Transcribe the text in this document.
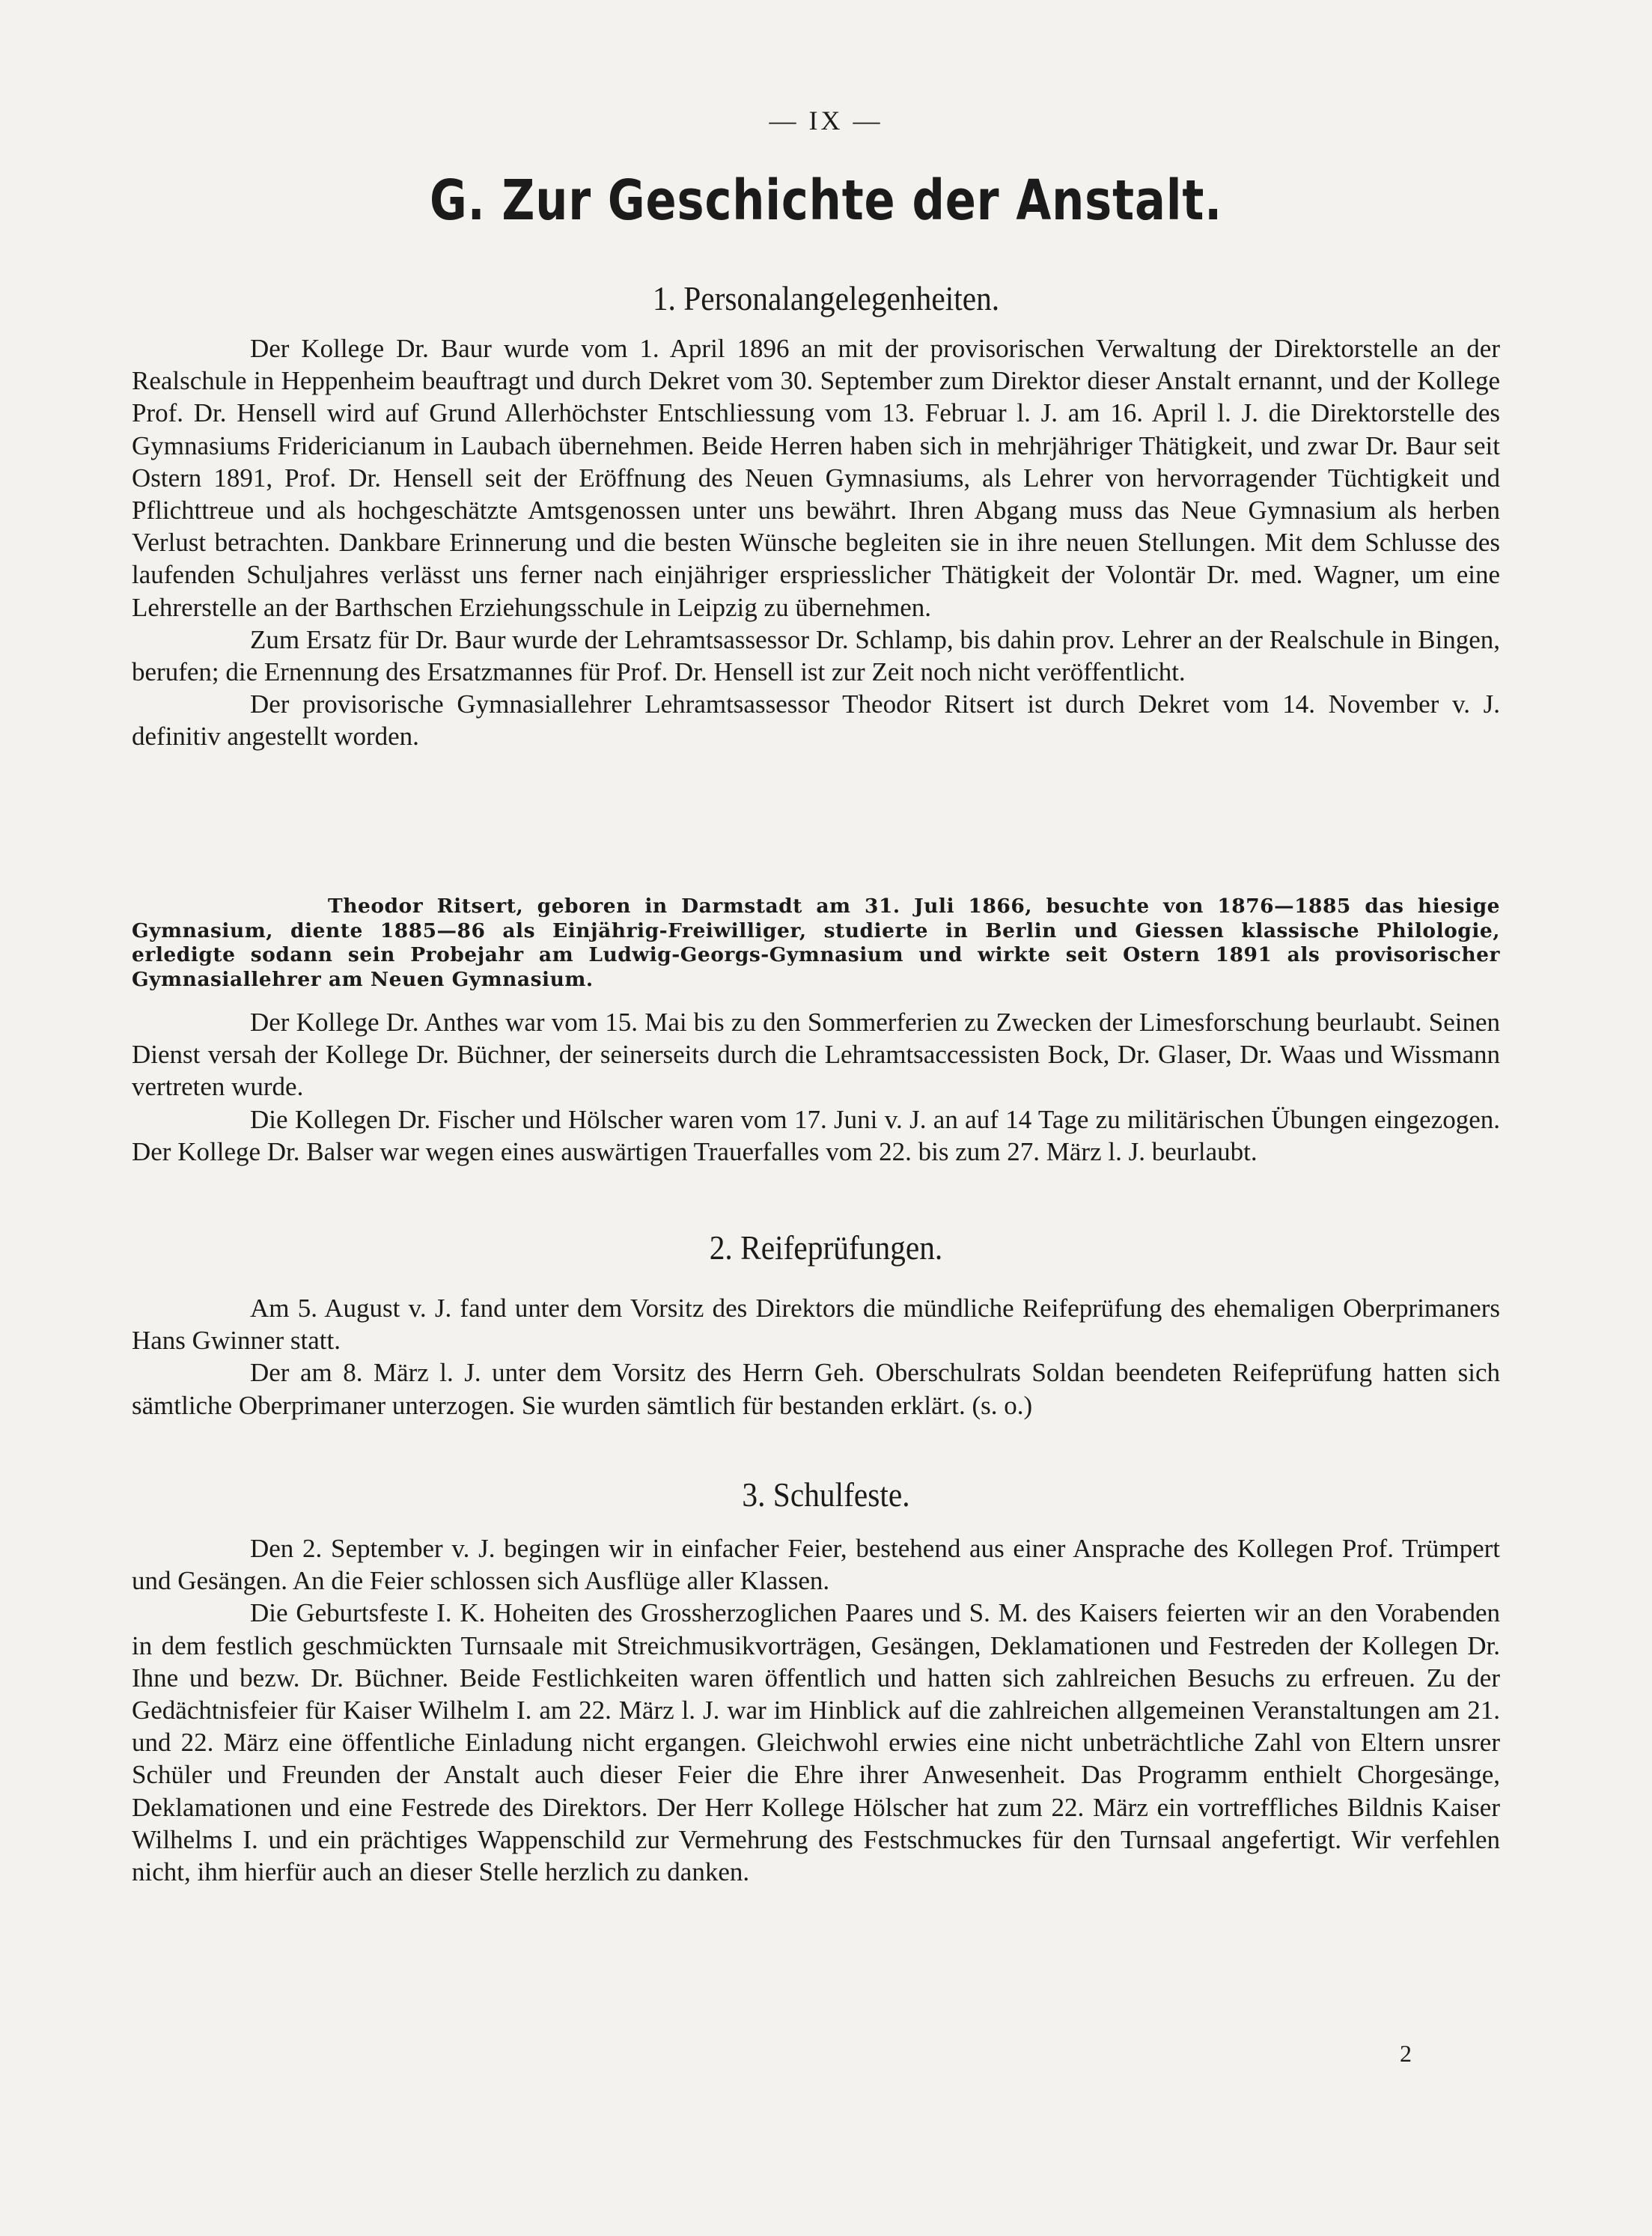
— IX —
G. Zur Geschichte der Anstalt.
1. Personalangelegenheiten.

Der Kollege Dr. Baur wurde vom 1. April 1896 an mit der provisorischen Verwaltung der Direktorstelle an der Realschule in Heppenheim beauftragt und durch Dekret vom 30. September zum Direktor dieser Anstalt ernannt, und der Kollege Prof. Dr. Hensell wird auf Grund Allerhöchster Entschliessung vom 13. Februar l. J. am 16. April l. J. die Direktorstelle des Gymnasiums Fridericianum in Laubach übernehmen. Beide Herren haben sich in mehrjähriger Thätigkeit, und zwar Dr. Baur seit Ostern 1891, Prof. Dr. Hensell seit der Eröffnung des Neuen Gymnasiums, als Lehrer von hervorragender Tüchtigkeit und Pflichttreue und als hochgeschätzte Amtsgenossen unter uns bewährt. Ihren Abgang muss das Neue Gymnasium als herben Verlust betrachten. Dankbare Erinnerung und die besten Wünsche begleiten sie in ihre neuen Stellungen. Mit dem Schlusse des laufenden Schuljahres verlässt uns ferner nach einjähriger erspriesslicher Thätigkeit der Volontär Dr. med. Wagner, um eine Lehrerstelle an der Barthschen Erziehungsschule in Leipzig zu übernehmen.

Zum Ersatz für Dr. Baur wurde der Lehramtsassessor Dr. Schlamp, bis dahin prov. Lehrer an der Realschule in Bingen, berufen; die Ernennung des Ersatzmannes für Prof. Dr. Hensell ist zur Zeit noch nicht veröffentlicht.

Der provisorische Gymnasiallehrer Lehramtsassessor Theodor Ritsert ist durch Dekret vom 14. November v. J. definitiv angestellt worden.

Theodor Ritsert, geboren in Darmstadt am 31. Juli 1866, besuchte von 1876—1885 das hiesige Gymnasium, diente 1885—86 als Einjährig-Freiwilliger, studierte in Berlin und Giessen klassische Philologie, erledigte sodann sein Probejahr am Ludwig-Georgs-Gymnasium und wirkte seit Ostern 1891 als provisorischer Gymnasiallehrer am Neuen Gymnasium.

Der Kollege Dr. Anthes war vom 15. Mai bis zu den Sommerferien zu Zwecken der Limesforschung beurlaubt. Seinen Dienst versah der Kollege Dr. Büchner, der seinerseits durch die Lehramtsaccessisten Bock, Dr. Glaser, Dr. Waas und Wissmann vertreten wurde.

Die Kollegen Dr. Fischer und Hölscher waren vom 17. Juni v. J. an auf 14 Tage zu militärischen Übungen eingezogen. Der Kollege Dr. Balser war wegen eines auswärtigen Trauerfalles vom 22. bis zum 27. März l. J. beurlaubt.

2. Reifeprüfungen.

Am 5. August v. J. fand unter dem Vorsitz des Direktors die mündliche Reifeprüfung des ehemaligen Oberprimaners Hans Gwinner statt.

Der am 8. März l. J. unter dem Vorsitz des Herrn Geh. Oberschulrats Soldan beendeten Reifeprüfung hatten sich sämtliche Oberprimaner unterzogen. Sie wurden sämtlich für bestanden erklärt. (s. o.)

3. Schulfeste.

Den 2. September v. J. begingen wir in einfacher Feier, bestehend aus einer Ansprache des Kollegen Prof. Trümpert und Gesängen. An die Feier schlossen sich Ausflüge aller Klassen.

Die Geburtsfeste I. K. Hoheiten des Grossherzoglichen Paares und S. M. des Kaisers feierten wir an den Vorabenden in dem festlich geschmückten Turnsaale mit Streichmusikvorträgen, Gesängen, Deklamationen und Festreden der Kollegen Dr. Ihne und bezw. Dr. Büchner. Beide Festlichkeiten waren öffentlich und hatten sich zahlreichen Besuchs zu erfreuen. Zu der Gedächtnisfeier für Kaiser Wilhelm I. am 22. März l. J. war im Hinblick auf die zahlreichen allgemeinen Veranstaltungen am 21. und 22. März eine öffentliche Einladung nicht ergangen. Gleichwohl erwies eine nicht unbeträchtliche Zahl von Eltern unsrer Schüler und Freunden der Anstalt auch dieser Feier die Ehre ihrer Anwesenheit. Das Programm enthielt Chorgesänge, Deklamationen und eine Festrede des Direktors. Der Herr Kollege Hölscher hat zum 22. März ein vortreffliches Bildnis Kaiser Wilhelms I. und ein prächtiges Wappenschild zur Vermehrung des Festschmuckes für den Turnsaal angefertigt. Wir verfehlen nicht, ihm hierfür auch an dieser Stelle herzlich zu danken.

2
